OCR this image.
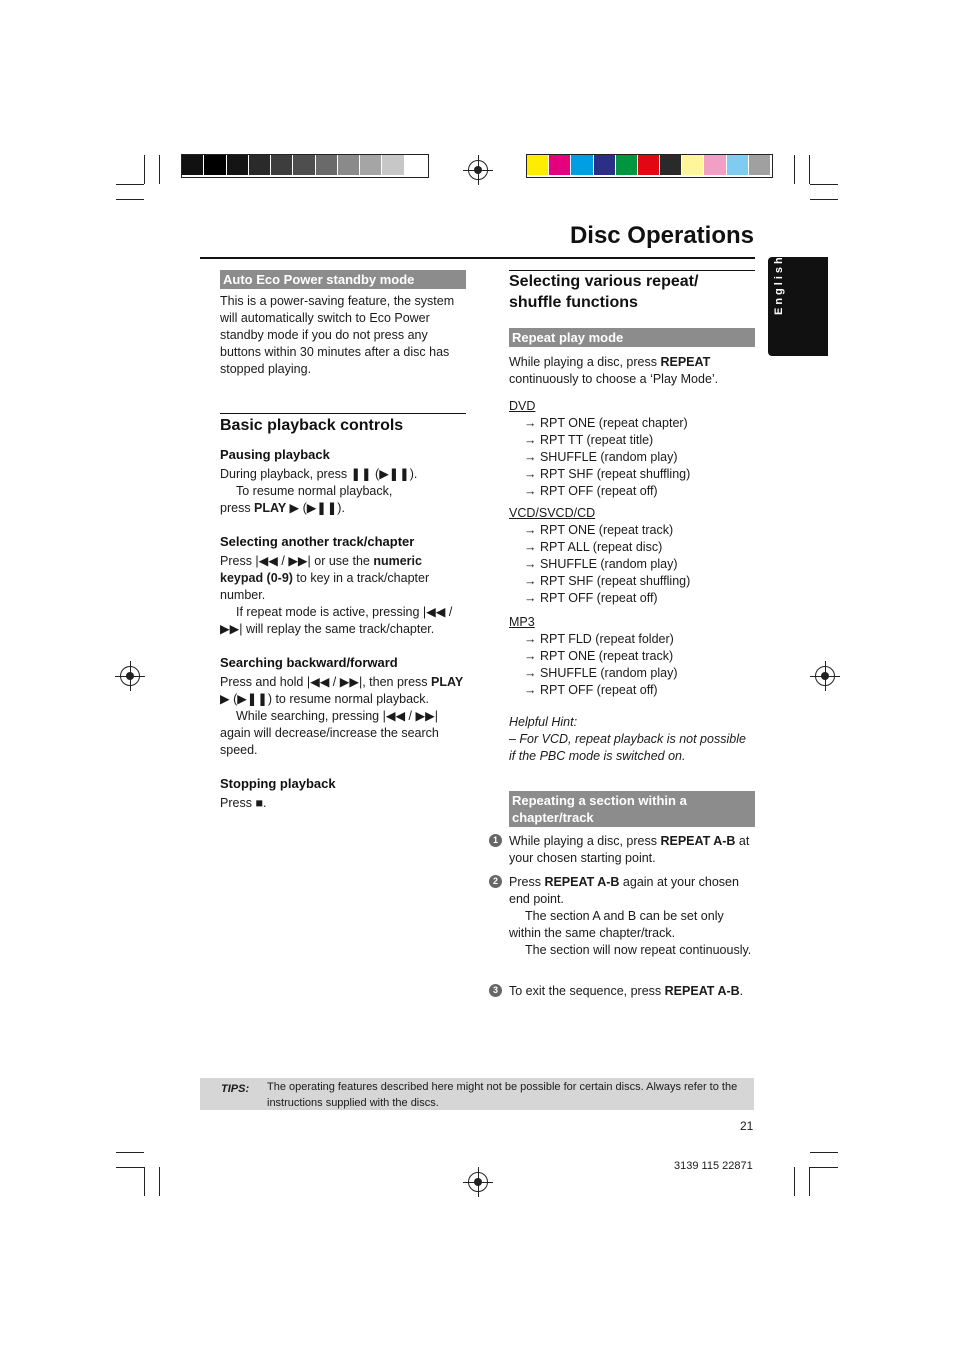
Disc Operations
English
Auto Eco Power standby mode

This is a power-saving feature, the system will automatically switch to Eco Power standby mode if you do not press any buttons within 30 minutes after a disc has stopped playing.

Basic playback controls
Pausing playback

During playback, press ❚❚ (▶❚❚).

To resume normal playback,

press PLAY ▶ (▶❚❚).

Selecting another track/chapter

Press |◀◀ / ▶▶| or use the numeric keypad (0-9) to key in a track/chapter number.

If repeat mode is active, pressing |◀◀ / ▶▶| will replay the same track/chapter.

Searching backward/forward

Press and hold |◀◀ / ▶▶|, then press PLAY ▶ (▶❚❚) to resume normal playback.

While searching, pressing |◀◀ / ▶▶| again will decrease/increase the search speed.

Stopping playback

Press ■.

Selecting various repeat/ shuffle functions
Repeat play mode

While playing a disc, press REPEAT continuously to choose a ‘Play Mode’.

DVD

→ RPT ONE (repeat chapter)

→ RPT TT (repeat title)

→ SHUFFLE (random play)

→ RPT SHF (repeat shuffling)

→ RPT OFF (repeat off)

VCD/SVCD/CD

→ RPT ONE (repeat track)

→ RPT ALL (repeat disc)

→ SHUFFLE (random play)

→ RPT SHF (repeat shuffling)

→ RPT OFF (repeat off)

MP3

→ RPT FLD (repeat folder)

→ RPT ONE (repeat track)

→ SHUFFLE (random play)

→ RPT OFF (repeat off)

Helpful Hint:

– For VCD, repeat playback is not possible if the PBC mode is switched on.

Repeating a section within a chapter/track
1 While playing a disc, press REPEAT A-B at your chosen starting point.

2 Press REPEAT A-B again at your chosen end point.

The section A and B can be set only within the same chapter/track.

The section will now repeat continuously.

3 To exit the sequence, press REPEAT A-B.

TIPS: The operating features described here might not be possible for certain discs. Always refer to the instructions supplied with the discs.
21
3139 115 22871
